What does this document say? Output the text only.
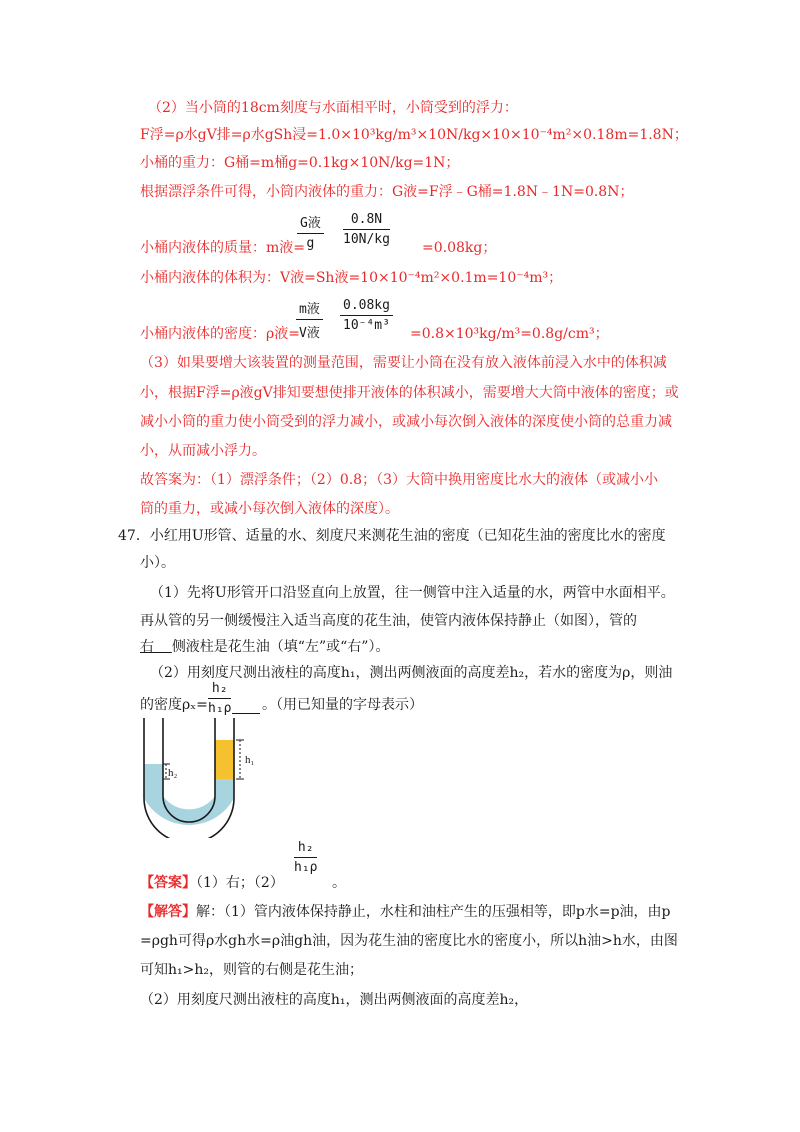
（2）当小筒的18cm刻度与水面相平时，小筒受到的浮力：
F浮=ρ水gV排=ρ水gSh浸=1.0×10³kg/m³×10N/kg×10×10⁻⁴m²×0.18m=1.8N；
小桶的重力：G桶=m桶g=0.1kg×10N/kg=1N；
根据漂浮条件可得，小筒内液体的重力：G液=F浮﹣G桶=1.8N﹣1N=0.8N；
G液
g
0.8N
10N/kg
小桶内液体的质量：m液=	=0.08kg；
小桶内液体的体积为：V液=Sh液=10×10⁻⁴m²×0.1m=10⁻⁴m³；
m液
V液
0.08kg
10⁻⁴m³
小桶内液体的密度：ρ液=	=0.8×10³kg/m³=0.8g/cm³；
（3）如果要增大该装置的测量范围，需要让小筒在没有放入液体前浸入水中的体积减
小，根据F浮=ρ液gV排知要想使排开液体的体积减小，需要增大大筒中液体的密度；或
减小小筒的重力使小筒受到的浮力减小，或减小每次倒入液体的深度使小筒的总重力减
小，从而减小浮力。
故答案为：（1）漂浮条件；（2）0.8；（3）大筒中换用密度比水大的液体（或减小小
筒的重力，或减小每次倒入液体的深度）。
47．小红用U形管、适量的水、刻度尺来测花生油的密度（已知花生油的密度比水的密度
小）。
（1）先将U形管开口沿竖直向上放置，往一侧管中注入适量的水，两管中水面相平。
再从管的另一侧缓慢注入适当高度的花生油，使管内液体保持静止（如图），管的
右 侧液柱是花生油（填“左”或“右”）。
（2）用刻度尺测出液柱的高度h₁，测出两侧液面的高度差h₂，若水的密度为ρ，则油
h₂
h₁ρ
的密度ρₓ=	。（用已知量的字母表示）
h₁
h₂
h₂
h₁ρ
【答案】（1）右；（2）	。
【解答】解：（1）管内液体保持静止，水柱和油柱产生的压强相等，即p水=p油，由p
=ρgh可得ρ水gh水=ρ油gh油，因为花生油的密度比水的密度小，所以h油>h水，由图
可知h₁>h₂，则管的右侧是花生油；
（2）用刻度尺测出液柱的高度h₁，测出两侧液面的高度差h₂，
